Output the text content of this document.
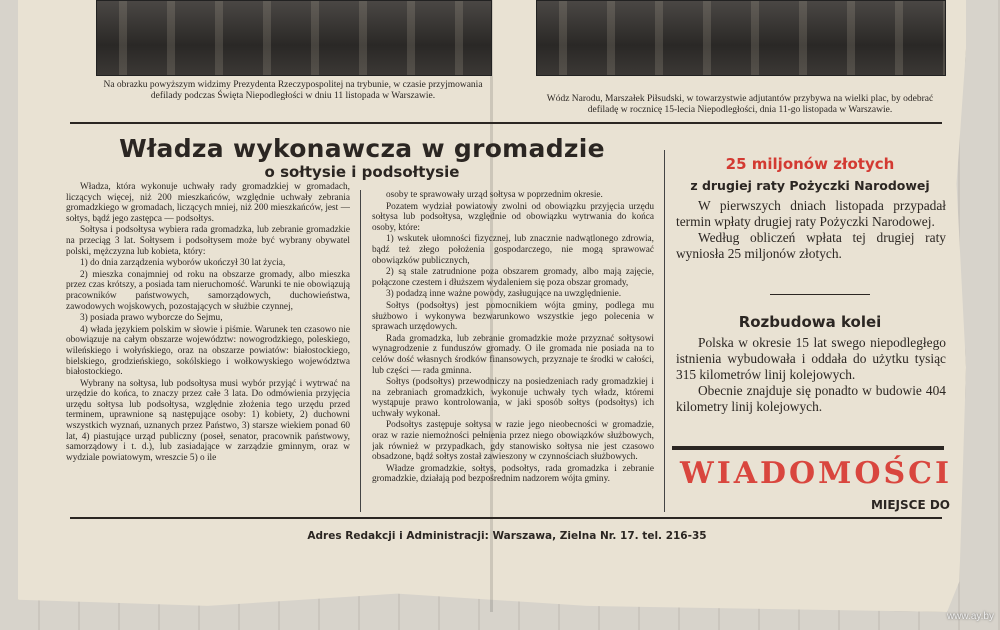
Na obrazku powyższym widzimy Prezydenta Rzeczypospolitej na trybunie, w czasie przyjmowania defilady podczas Święta Niepodległości w dniu 11 listopada w Warszawie.	Wódz Narodu, Marszałek Piłsudski, w towarzystwie adjutantów przybywa na wielki plac, by odebrać defiladę w rocznicę 15-lecia Niepodległości, dnia 11-go listopada w Warszawie.
Władza wykonawcza w gromadzie
o sołtysie i podsołtysie

Władza, która wykonuje uchwały rady gromadzkiej w gromadach, liczących więcej, niż 200 mieszkańców, względnie uchwały zebrania gromadzkiego w gromadach, liczących mniej, niż 200 mieszkańców, jest — sołtys, bądź jego zastępca — podsołtys.

Sołtysa i podsołtysa wybiera rada gromadzka, lub zebranie gromadzkie na przeciąg 3 lat. Sołtysem i podsołtysem może być wybrany obywatel polski, mężczyzna lub kobieta, który:

1) do dnia zarządzenia wyborów ukończył 30 lat życia,

2) mieszka conajmniej od roku na obszarze gromady, albo mieszka przez czas krótszy, a posiada tam nieruchomość. Warunki te nie obowiązują pracowników państwowych, samorządowych, duchowieństwa, zawodowych wojskowych, pozostających w służbie czynnej,

3) posiada prawo wyborcze do Sejmu,

4) włada językiem polskim w słowie i piśmie. Warunek ten czasowo nie obowiązuje na całym obszarze województw: nowogrodzkiego, poleskiego, wileńskiego i wołyńskiego, oraz na obszarze powiatów: białostockiego, bielskiego, grodzieńskiego, sokólskiego i wołkowyskiego województwa białostockiego.

Wybrany na sołtysa, lub podsołtysa musi wybór przyjąć i wytrwać na urzędzie do końca, to znaczy przez całe 3 lata. Do odmówienia przyjęcia urzędu sołtysa lub podsołtysa, względnie złożenia tego urzędu przed terminem, uprawnione są następujące osoby: 1) kobiety, 2) duchowni wszystkich wyznań, uznanych przez Państwo, 3) starsze wiekiem ponad 60 lat, 4) piastujące urząd publiczny (poseł, senator, pracownik państwowy, samorządowy i t. d.), lub zasiadające w zarządzie gminnym, oraz w wydziale powiatowym, wreszcie 5) o ile

osoby te sprawowały urząd sołtysa w poprzednim okresie.

Pozatem wydział powiatowy zwolni od obowiązku przyjęcia urzędu sołtysa lub podsołtysa, względnie od obowiązku wytrwania do końca osoby, które:

1) wskutek ułomności fizycznej, lub znacznie nadwątlonego zdrowia, bądź też złego położenia gospodarczego, nie mogą sprawować obowiązków publicznych,

2) są stale zatrudnione poza obszarem gromady, albo mają zajęcie, połączone czestem i dłuższem wydaleniem się poza obszar gromady,

3) podadzą inne ważne powody, zasługujące na uwzględnienie.

Sołtys (podsołtys) jest pomocnikiem wójta gminy, podlega mu służbowo i wykonywa bezwarunkowo wszystkie jego polecenia w sprawach urzędowych.

Rada gromadzka, lub zebranie gromadzkie może przyznać sołtysowi wynagrodzenie z funduszów gromady. O ile gromada nie posiada na to celów dość własnych środków finansowych, przyznaje te środki w całości, lub części — rada gminna.

Sołtys (podsołtys) przewodniczy na posiedzeniach rady gromadzkiej i na zebraniach gromadzkich, wykonuje uchwały tych władz, któremi wystąpuje prawo kontrolowania, w jaki sposób sołtys (podsołtys) ich uchwały wykonał.

Podsołtys zastępuje sołtysa w razie jego nieobecności w gromadzie, oraz w razie niemożności pełnienia przez niego obowiązków służbowych, jak również w przypadkach, gdy stanowisko sołtysa nie jest czasowo obsadzone, bądź sołtys został zawieszony w czynnościach służbowych.

Władze gromadzkie, sołtys, podsołtys, rada gromadzka i zebranie gromadzkie, działają pod bezpośrednim nadzorem wójta gminy.

25 miljonów złotych
z drugiej raty Pożyczki Narodowej

W pierwszych dniach listopada przypadał termin wpłaty drugiej raty Pożyczki Narodowej.

Według obliczeń wpłata tej drugiej raty wyniosła 25 miljonów złotych.

Rozbudowa kolei

Polska w okresie 15 lat swego niepodległego istnienia wybudowała i oddała do użytku tysiąc 315 kilometrów linij kolejowych.

Obecnie znajduje się ponadto w budowie 404 kilometry linij kolejowych.

WIADOMOŚCI
MIEJSCE DO
Adres Redakcji i Administracji: Warszawa, Zielna Nr. 17. tel. 216-35
www.ay.by
